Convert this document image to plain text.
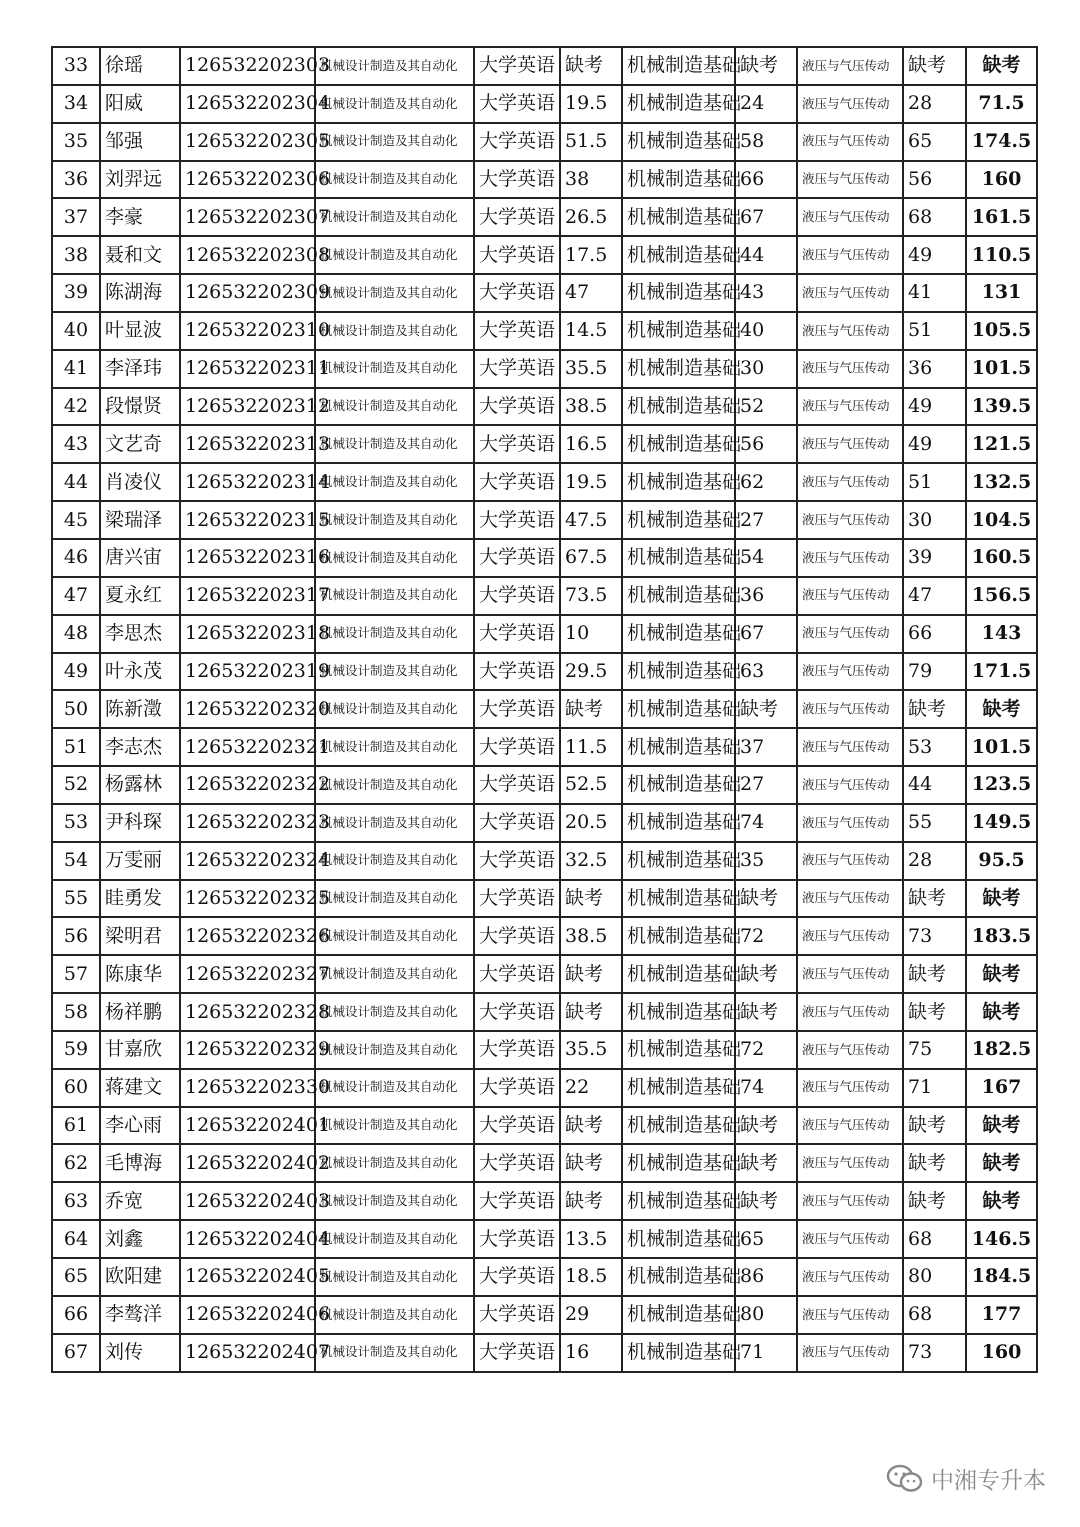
33	徐瑶	126532202303	机械设计制造及其自动化	大学英语	缺考	机械制造基础	缺考	液压与气压传动	缺考	缺考
34	阳威	126532202304	机械设计制造及其自动化	大学英语	19.5	机械制造基础	24	液压与气压传动	28	71.5
35	邹强	126532202305	机械设计制造及其自动化	大学英语	51.5	机械制造基础	58	液压与气压传动	65	174.5
36	刘羿远	126532202306	机械设计制造及其自动化	大学英语	38	机械制造基础	66	液压与气压传动	56	160
37	李豪	126532202307	机械设计制造及其自动化	大学英语	26.5	机械制造基础	67	液压与气压传动	68	161.5
38	聂和文	126532202308	机械设计制造及其自动化	大学英语	17.5	机械制造基础	44	液压与气压传动	49	110.5
39	陈湖海	126532202309	机械设计制造及其自动化	大学英语	47	机械制造基础	43	液压与气压传动	41	131
40	叶显波	126532202310	机械设计制造及其自动化	大学英语	14.5	机械制造基础	40	液压与气压传动	51	105.5
41	李泽玮	126532202311	机械设计制造及其自动化	大学英语	35.5	机械制造基础	30	液压与气压传动	36	101.5
42	段憬贤	126532202312	机械设计制造及其自动化	大学英语	38.5	机械制造基础	52	液压与气压传动	49	139.5
43	文艺奇	126532202313	机械设计制造及其自动化	大学英语	16.5	机械制造基础	56	液压与气压传动	49	121.5
44	肖凌仪	126532202314	机械设计制造及其自动化	大学英语	19.5	机械制造基础	62	液压与气压传动	51	132.5
45	梁瑞泽	126532202315	机械设计制造及其自动化	大学英语	47.5	机械制造基础	27	液压与气压传动	30	104.5
46	唐兴宙	126532202316	机械设计制造及其自动化	大学英语	67.5	机械制造基础	54	液压与气压传动	39	160.5
47	夏永红	126532202317	机械设计制造及其自动化	大学英语	73.5	机械制造基础	36	液压与气压传动	47	156.5
48	李思杰	126532202318	机械设计制造及其自动化	大学英语	10	机械制造基础	67	液压与气压传动	66	143
49	叶永茂	126532202319	机械设计制造及其自动化	大学英语	29.5	机械制造基础	63	液压与气压传动	79	171.5
50	陈新澂	126532202320	机械设计制造及其自动化	大学英语	缺考	机械制造基础	缺考	液压与气压传动	缺考	缺考
51	李志杰	126532202321	机械设计制造及其自动化	大学英语	11.5	机械制造基础	37	液压与气压传动	53	101.5
52	杨露林	126532202322	机械设计制造及其自动化	大学英语	52.5	机械制造基础	27	液压与气压传动	44	123.5
53	尹科琛	126532202323	机械设计制造及其自动化	大学英语	20.5	机械制造基础	74	液压与气压传动	55	149.5
54	万雯丽	126532202324	机械设计制造及其自动化	大学英语	32.5	机械制造基础	35	液压与气压传动	28	95.5
55	眭勇发	126532202325	机械设计制造及其自动化	大学英语	缺考	机械制造基础	缺考	液压与气压传动	缺考	缺考
56	梁明君	126532202326	机械设计制造及其自动化	大学英语	38.5	机械制造基础	72	液压与气压传动	73	183.5
57	陈康华	126532202327	机械设计制造及其自动化	大学英语	缺考	机械制造基础	缺考	液压与气压传动	缺考	缺考
58	杨祥鹏	126532202328	机械设计制造及其自动化	大学英语	缺考	机械制造基础	缺考	液压与气压传动	缺考	缺考
59	甘嘉欣	126532202329	机械设计制造及其自动化	大学英语	35.5	机械制造基础	72	液压与气压传动	75	182.5
60	蒋建文	126532202330	机械设计制造及其自动化	大学英语	22	机械制造基础	74	液压与气压传动	71	167
61	李心雨	126532202401	机械设计制造及其自动化	大学英语	缺考	机械制造基础	缺考	液压与气压传动	缺考	缺考
62	毛博海	126532202402	机械设计制造及其自动化	大学英语	缺考	机械制造基础	缺考	液压与气压传动	缺考	缺考
63	乔宽	126532202403	机械设计制造及其自动化	大学英语	缺考	机械制造基础	缺考	液压与气压传动	缺考	缺考
64	刘鑫	126532202404	机械设计制造及其自动化	大学英语	13.5	机械制造基础	65	液压与气压传动	68	146.5
65	欧阳建	126532202405	机械设计制造及其自动化	大学英语	18.5	机械制造基础	86	液压与气压传动	80	184.5
66	李骜洋	126532202406	机械设计制造及其自动化	大学英语	29	机械制造基础	80	液压与气压传动	68	177
67	刘传	126532202407	机械设计制造及其自动化	大学英语	16	机械制造基础	71	液压与气压传动	73	160
中湘专升本
